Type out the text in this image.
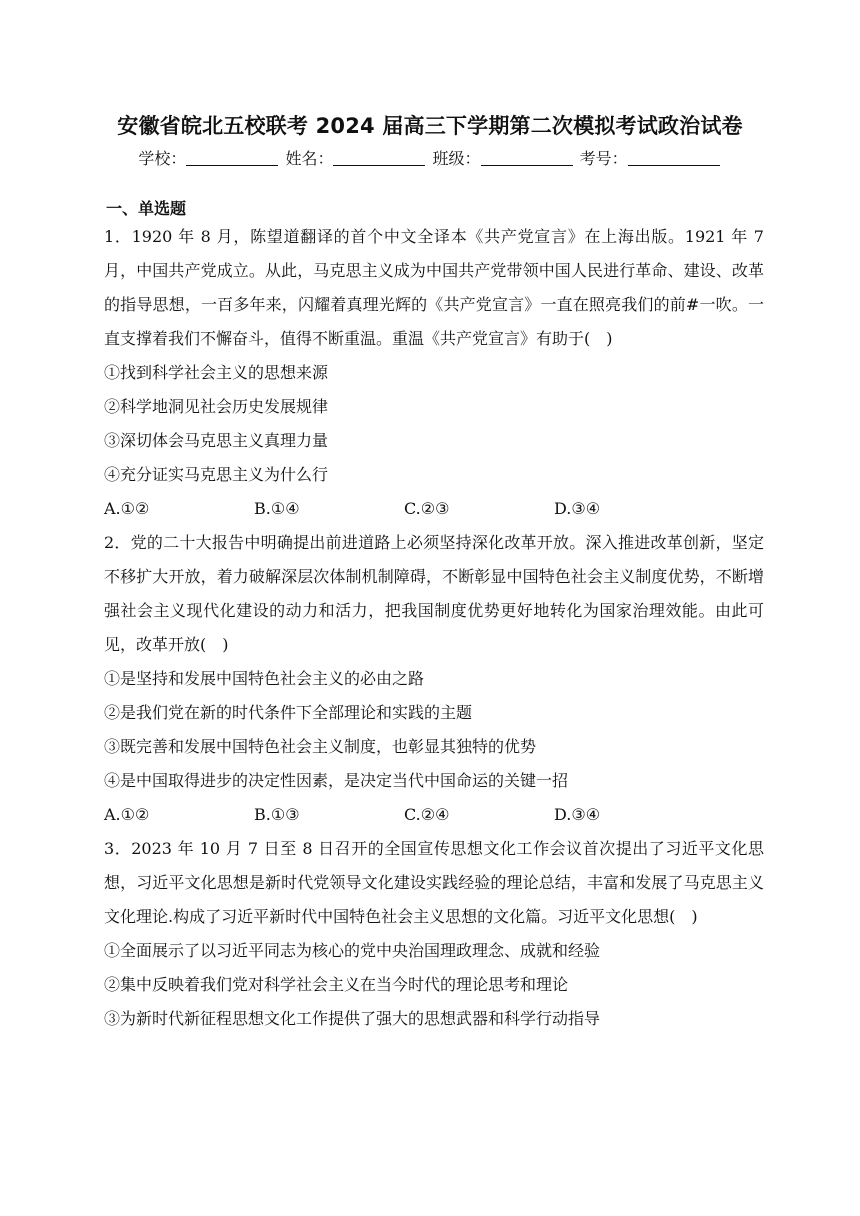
安徽省皖北五校联考 2024 届高三下学期第二次模拟考试政治试卷
学校：	姓名：	班级：	考号：
一、单选题

1．1920 年 8 月，陈望道翻译的首个中文全译本《共产党宣言》在上海出版。1921 年 7 月，中国共产党成立。从此，马克思主义成为中国共产党带领中国人民进行革命、建设、改革的指导思想，一百多年来，闪耀着真理光辉的《共产党宣言》一直在照亮我们的前#一吹。一直支撑着我们不懈奋斗，值得不断重温。重温《共产党宣言》有助于(　)

①找到科学社会主义的思想来源

②科学地洞见社会历史发展规律

③深切体会马克思主义真理力量

④充分证实马克思主义为什么行

A.①②	B.①④	C.②③	D.③④

2．党的二十大报告中明确提出前进道路上必须坚持深化改革开放。深入推进改革创新，坚定不移扩大开放，着力破解深层次体制机制障碍，不断彰显中国特色社会主义制度优势，不断增强社会主义现代化建设的动力和活力，把我国制度优势更好地转化为国家治理效能。由此可见，改革开放(　)

①是坚持和发展中国特色社会主义的必由之路

②是我们党在新的时代条件下全部理论和实践的主题

③既完善和发展中国特色社会主义制度，也彰显其独特的优势

④是中国取得进步的决定性因素，是决定当代中国命运的关键一招

A.①②	B.①③	C.②④	D.③④

3．2023 年 10 月 7 日至 8 日召开的全国宣传思想文化工作会议首次提出了习近平文化思想，习近平文化思想是新时代党领导文化建设实践经验的理论总结，丰富和发展了马克思主义文化理论.构成了习近平新时代中国特色社会主义思想的文化篇。习近平文化思想(　)

①全面展示了以习近平同志为核心的党中央治国理政理念、成就和经验

②集中反映着我们党对科学社会主义在当今时代的理论思考和理论

③为新时代新征程思想文化工作提供了强大的思想武器和科学行动指导
